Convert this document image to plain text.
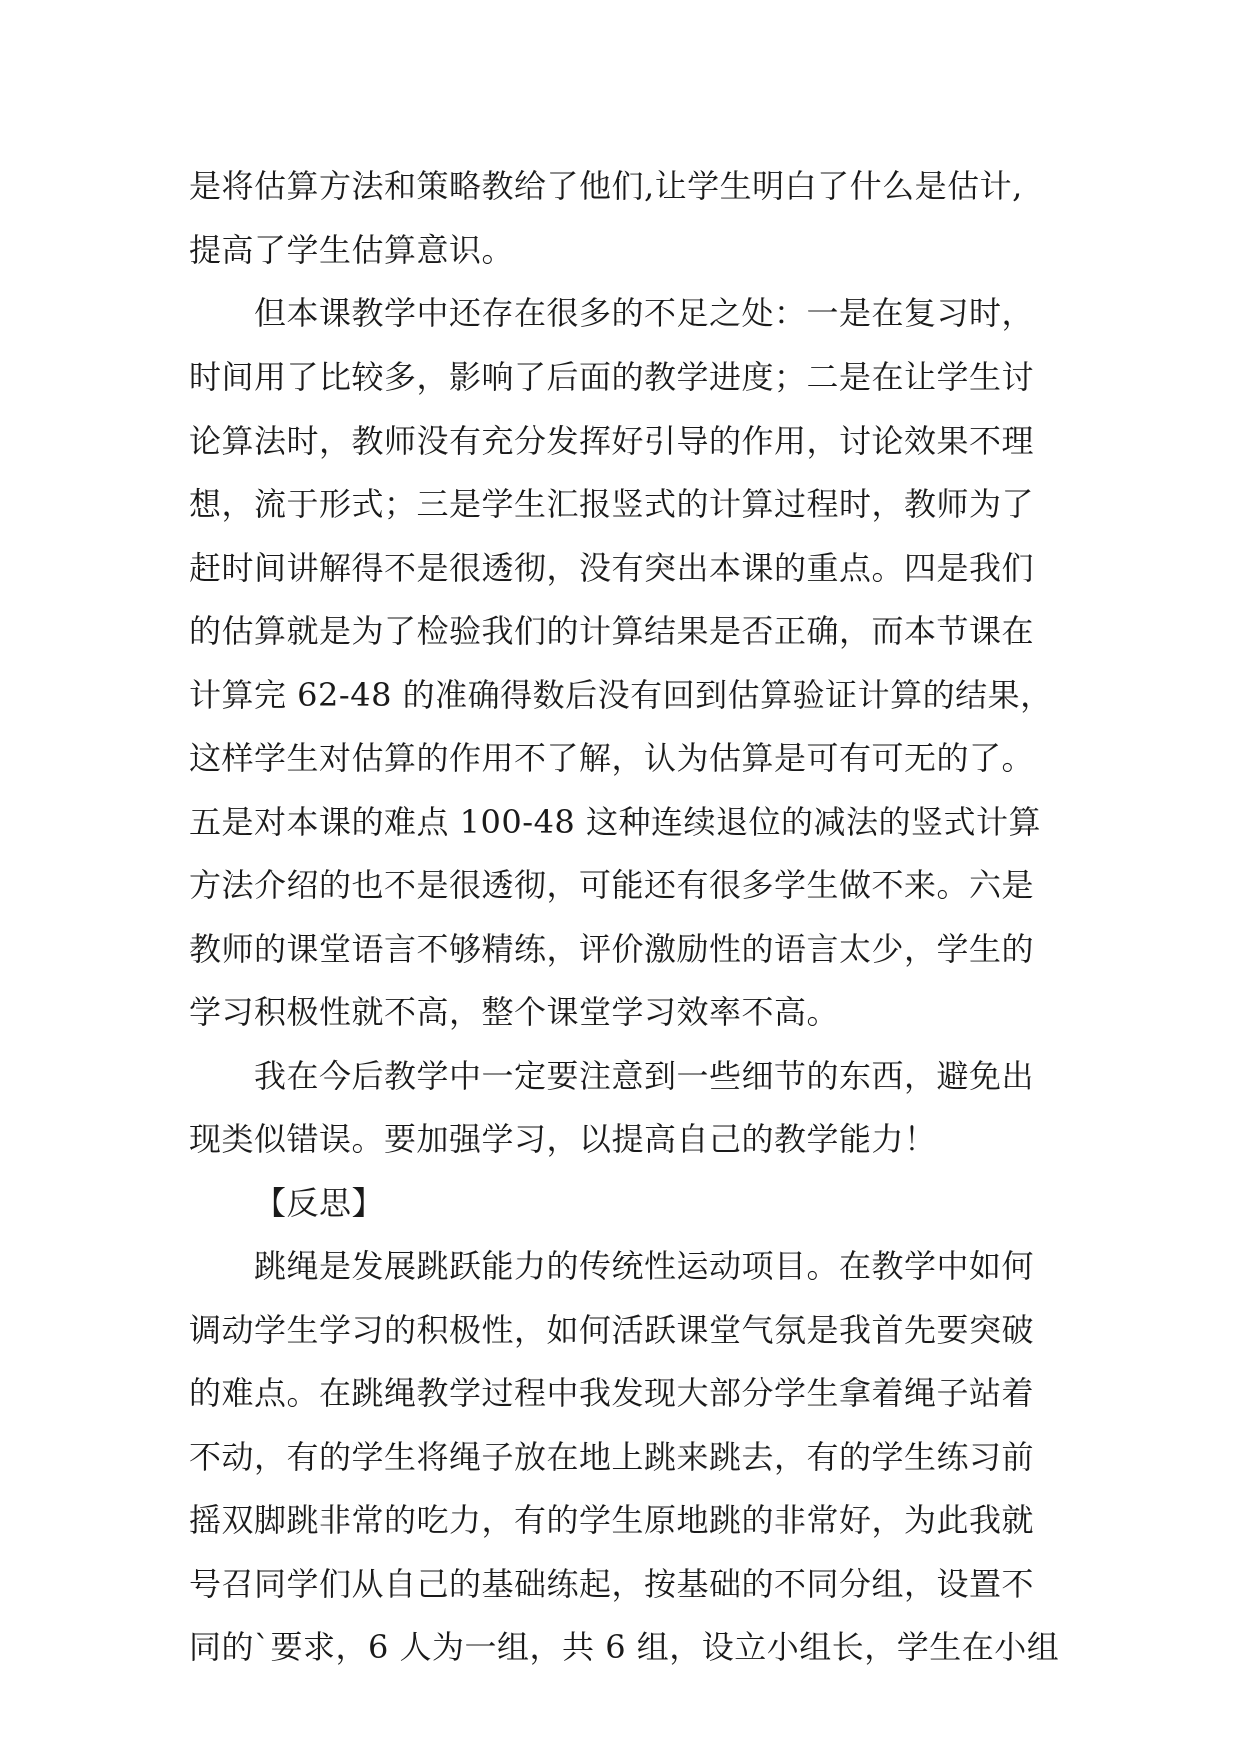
是将估算方法和策略教给了他们,让学生明白了什么是估计,
提高了学生估算意识。
但本课教学中还存在很多的不足之处：一是在复习时，
时间用了比较多，影响了后面的教学进度；二是在让学生讨
论算法时，教师没有充分发挥好引导的作用，讨论效果不理
想，流于形式；三是学生汇报竖式的计算过程时，教师为了
赶时间讲解得不是很透彻，没有突出本课的重点。四是我们
的估算就是为了检验我们的计算结果是否正确，而本节课在
计算完 62-48 的准确得数后没有回到估算验证计算的结果，
这样学生对估算的作用不了解，认为估算是可有可无的了。
五是对本课的难点 100-48 这种连续退位的减法的竖式计算
方法介绍的也不是很透彻，可能还有很多学生做不来。六是
教师的课堂语言不够精练，评价激励性的语言太少，学生的
学习积极性就不高，整个课堂学习效率不高。
我在今后教学中一定要注意到一些细节的东西，避免出
现类似错误。要加强学习，以提高自己的教学能力！
【反思】
跳绳是发展跳跃能力的传统性运动项目。在教学中如何
调动学生学习的积极性，如何活跃课堂气氛是我首先要突破
的难点。在跳绳教学过程中我发现大部分学生拿着绳子站着
不动，有的学生将绳子放在地上跳来跳去，有的学生练习前
摇双脚跳非常的吃力，有的学生原地跳的非常好，为此我就
号召同学们从自己的基础练起，按基础的不同分组，设置不
同的`要求，6 人为一组，共 6 组，设立小组长，学生在小组
